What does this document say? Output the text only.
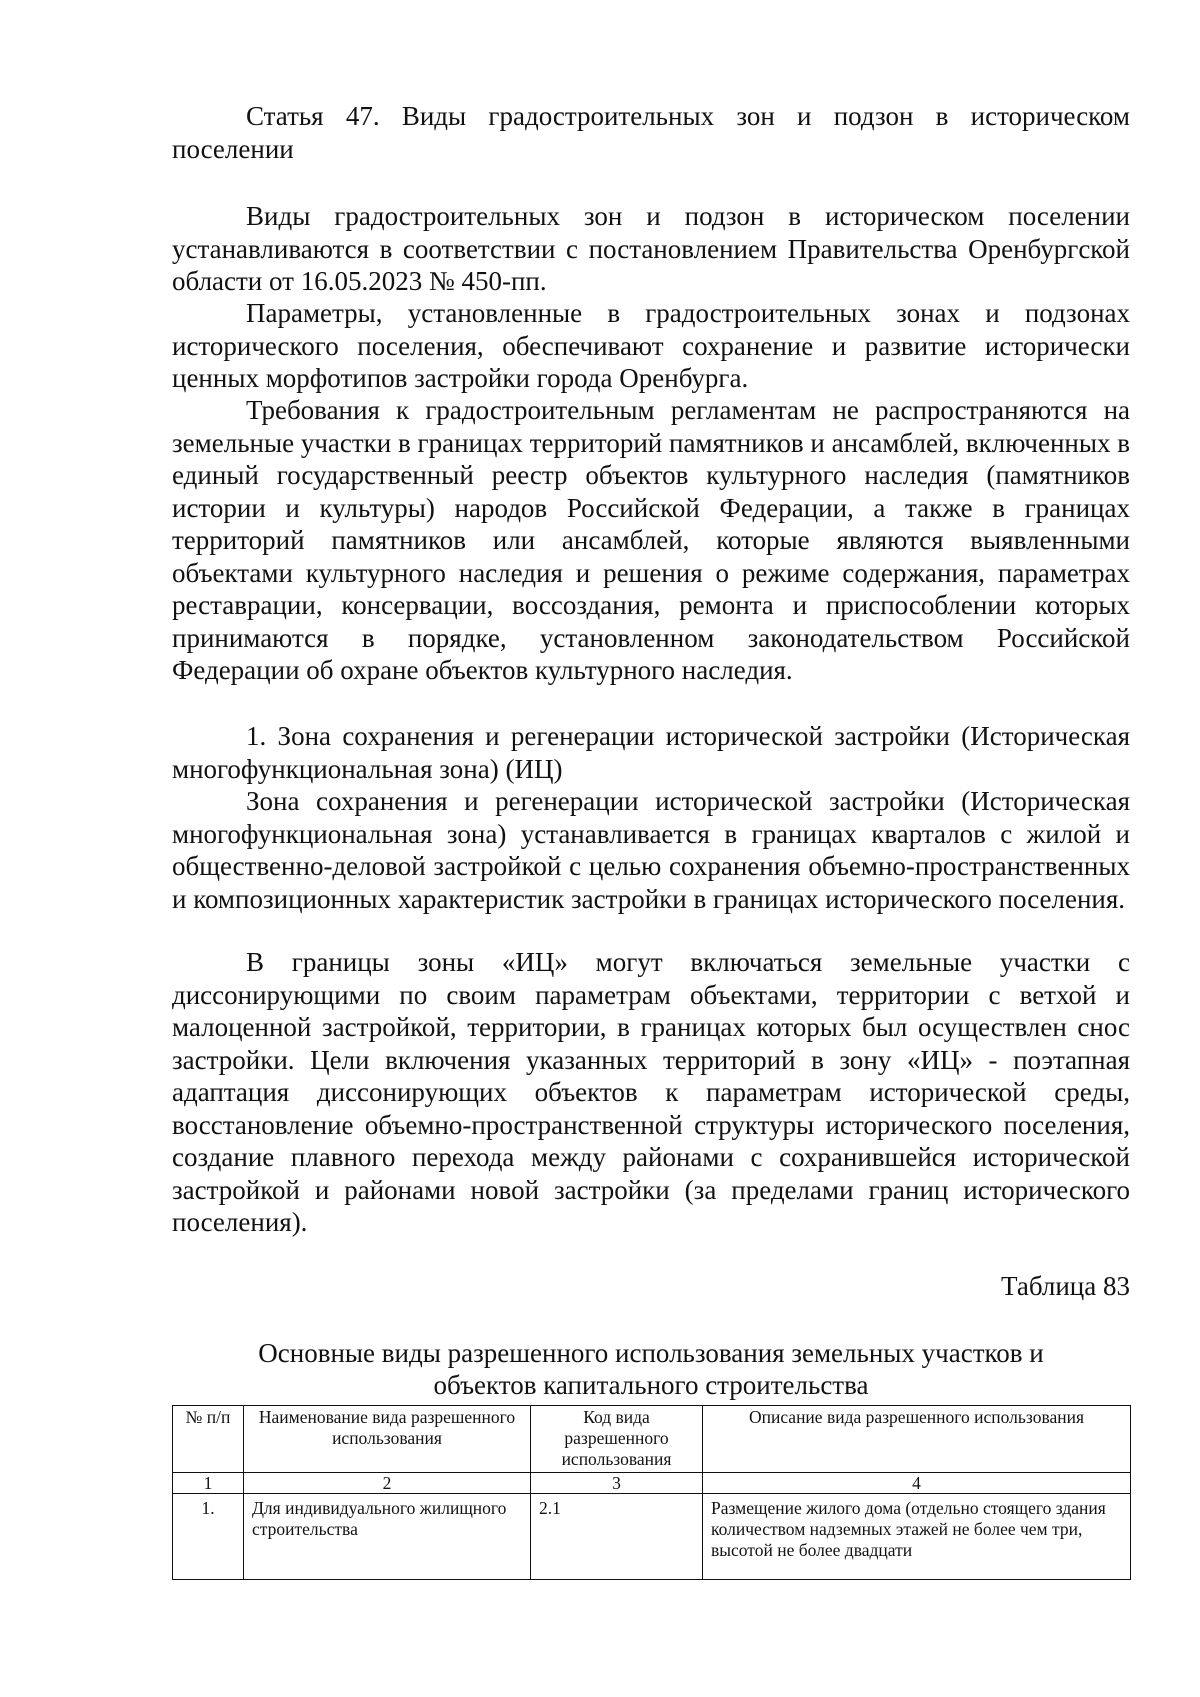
Статья 47. Виды градостроительных зон и подзон в историческом
поселении
Виды градостроительных зон и подзон в историческом поселении устанавливаются в соответствии с постановлением Правительства Оренбургской области от 16.05.2023 № 450-пп.
Параметры, установленные в градостроительных зонах и подзонах исторического поселения, обеспечивают сохранение и развитие исторически ценных морфотипов застройки города Оренбурга.
Требования к градостроительным регламентам не распространяются на земельные участки в границах территорий памятников и ансамблей, включенных в единый государственный реестр объектов культурного наследия (памятников истории и культуры) народов Российской Федерации, а также в границах территорий памятников или ансамблей, которые являются выявленными объектами культурного наследия и решения о режиме содержания, параметрах реставрации, консервации, воссоздания, ремонта и приспособлении которых принимаются в порядке, установленном законодательством Российской Федерации об охране объектов культурного наследия.
1. Зона сохранения и регенерации исторической застройки (Историческая многофункциональная зона) (ИЦ)
Зона сохранения и регенерации исторической застройки (Историческая многофункциональная зона) устанавливается в границах кварталов с жилой и общественно-деловой застройкой с целью сохранения объемно-пространственных и композиционных характеристик застройки в границах исторического поселения.
В границы зоны «ИЦ» могут включаться земельные участки с диссонирующими по своим параметрам объектами, территории с ветхой и малоценной застройкой, территории, в границах которых был осуществлен снос застройки. Цели включения указанных территорий в зону «ИЦ» - поэтапная адаптация диссонирующих объектов к параметрам исторической среды, восстановление объемно-пространственной структуры исторического поселения, создание плавного перехода между районами с сохранившейся исторической застройкой и районами новой застройки (за пределами границ исторического поселения).
Таблица 83
Основные виды разрешенного использования земельных участков и
объектов капитального строительства
№ п/п	Наименование вида разрешенного использования	Код вида разрешенного использования	Описание вида разрешенного использования
1	2	3	4
1.	Для индивидуального жилищного строительства	2.1	Размещение жилого дома (отдельно стоящего здания количеством надземных этажей не более чем три, высотой не более двадцати
